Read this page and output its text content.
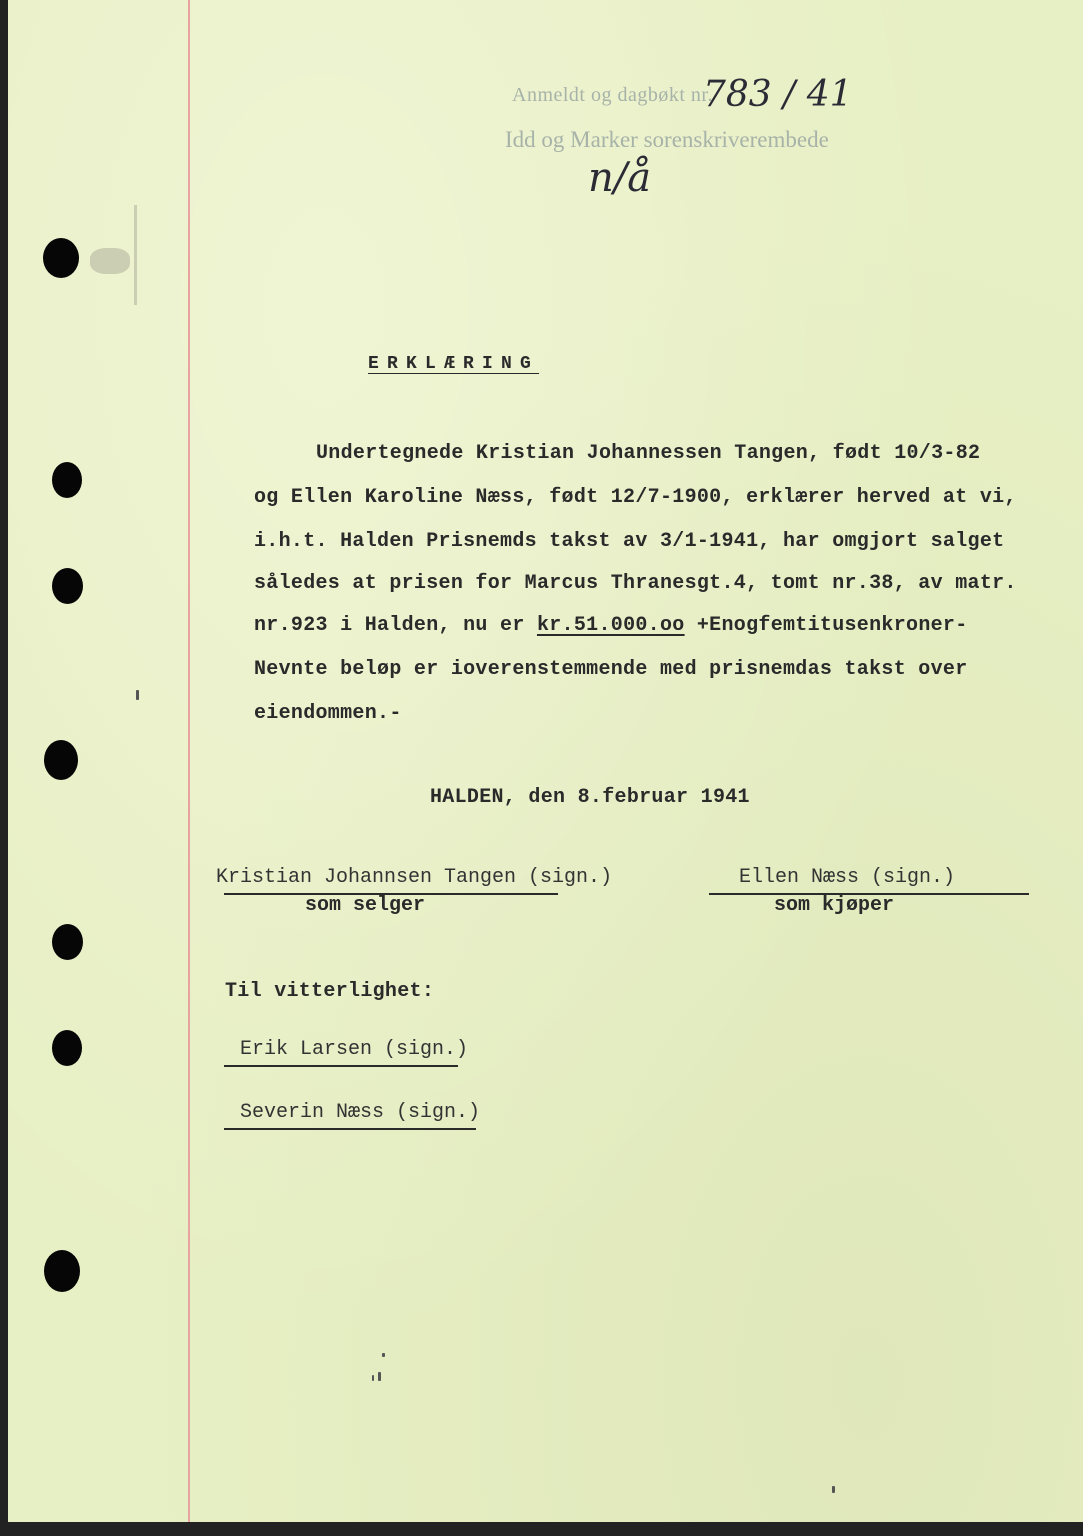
Anmeldt og dagbøkt nr.
Idd og Marker sorenskriverembede
783 / 41
n/å
ERKLÆRING
Undertegnede Kristian Johannessen Tangen, født 10/3-82
og Ellen Karoline Næss, født 12/7-1900, erklærer herved at vi,
i.h.t. Halden Prisnemds takst av 3/1-1941, har omgjort salget
således at prisen for Marcus Thranesgt.4, tomt nr.38, av matr.
nr.923 i Halden, nu er kr.51.000.oo +Enogfemtitusenkroner-
Nevnte beløp er ioverenstemmende med prisnemdas takst over
eiendommen.-
HALDEN, den 8.februar 1941
Kristian Johannsen Tangen (sign.)
som selger
Ellen Næss (sign.)
som kjøper
Til vitterlighet:
Erik Larsen (sign.)
Severin Næss (sign.)
